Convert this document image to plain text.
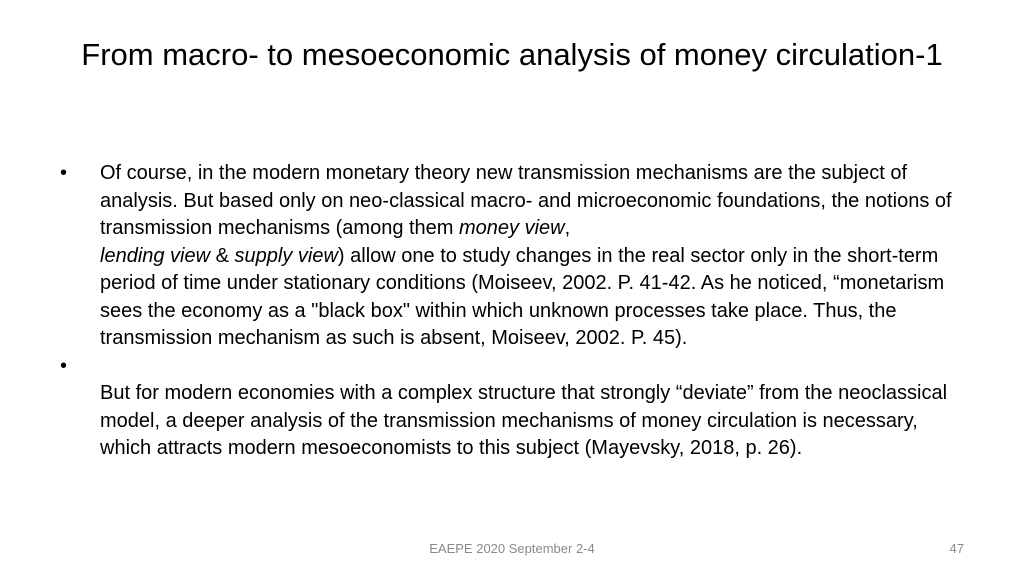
From macro- to mesoeconomic analysis of money circulation-1
• Of course, in the modern monetary theory new transmission mechanisms are the subject of analysis. But based only on neo-classical macro- and microeconomic foundations, the notions of transmission mechanisms (among them money view,
lending view & supply view) allow one to study changes in the real sector only in the short-term period of time under stationary conditions (Moiseev, 2002. P. 41-42. As he noticed, “monetarism sees the economy as a "black box" within which unknown processes take place. Thus, the transmission mechanism as such is absent, Moiseev, 2002. P. 45).
•
But for modern economies with a complex structure that strongly “deviate” from the neoclassical model, a deeper analysis of the transmission mechanisms of money circulation is necessary, which attracts modern mesoeconomists to this subject (Mayevsky, 2018, p. 26).
EAEPE 2020 September 2-4	47
